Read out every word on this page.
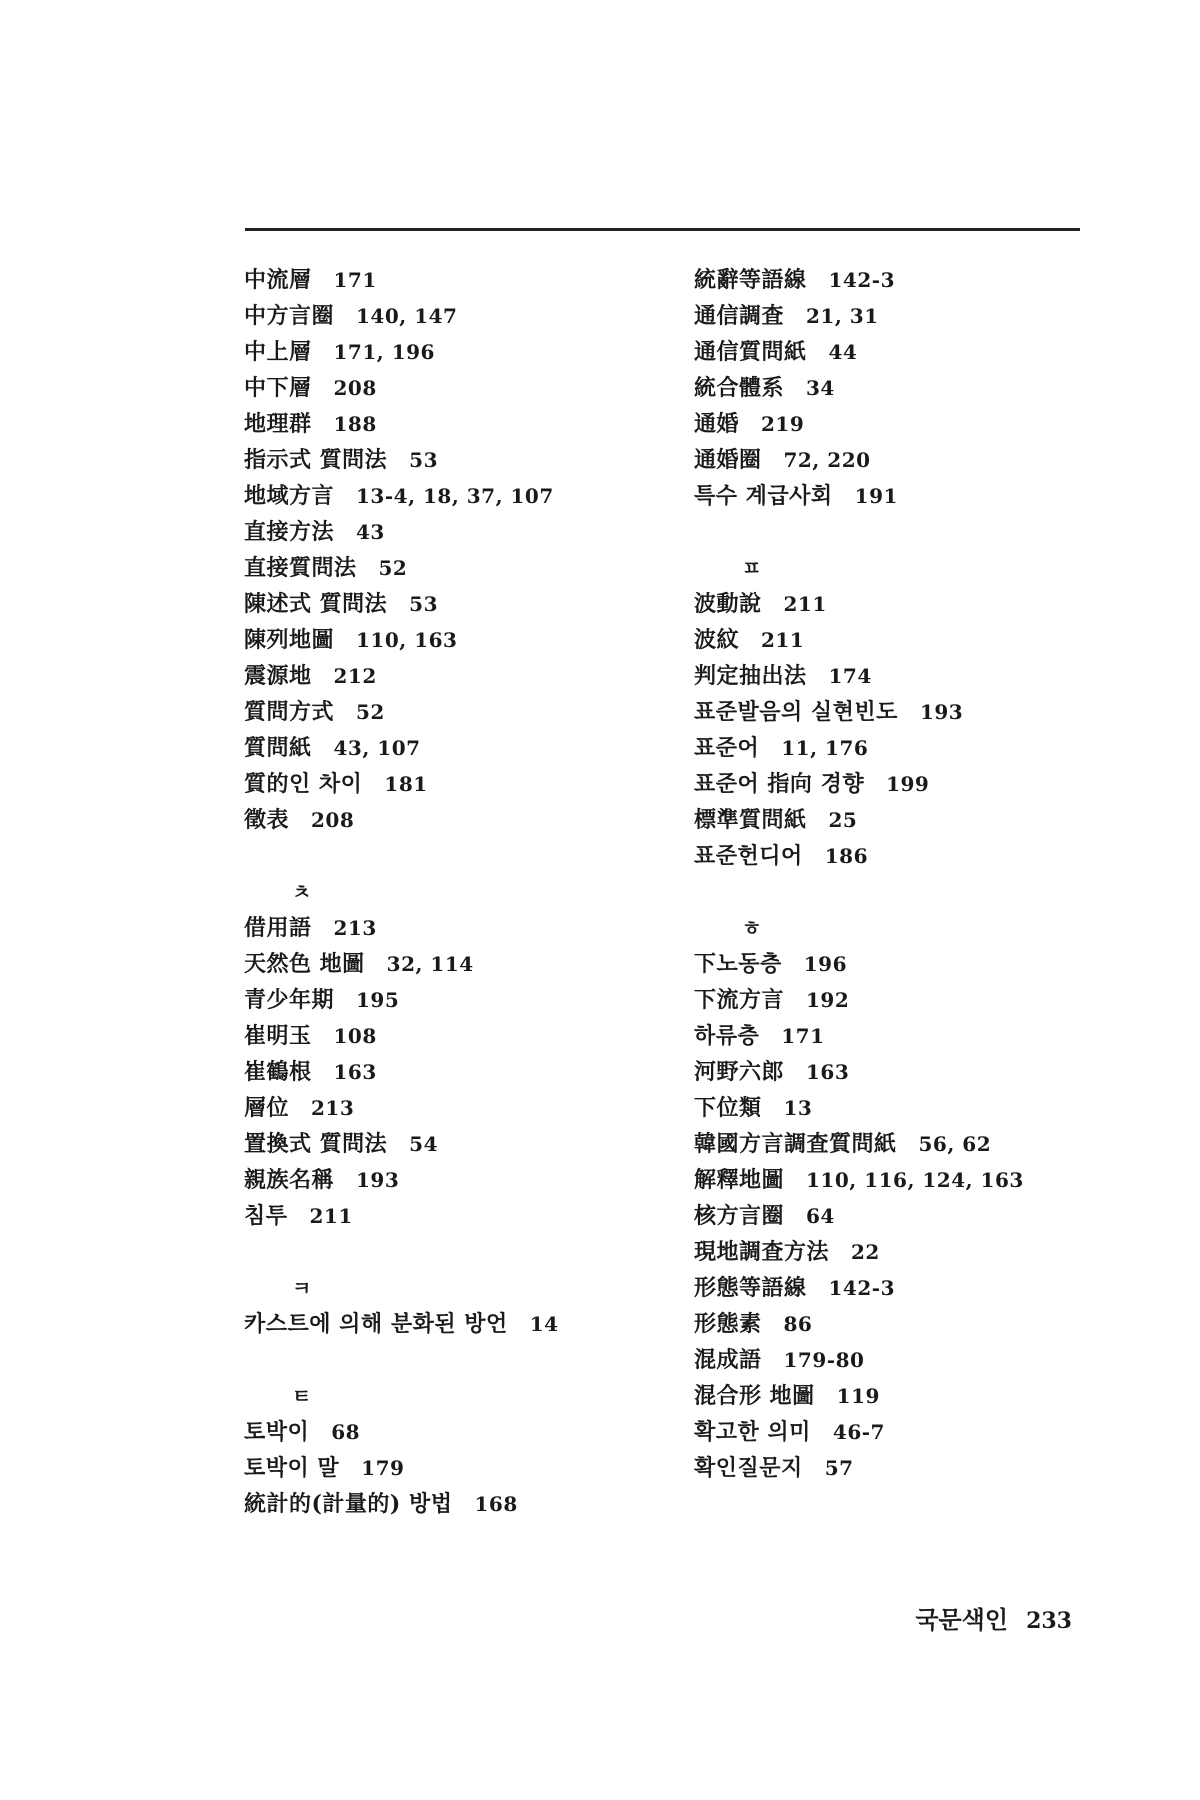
中流層 171
中方言圈 140, 147
中上層 171, 196
中下層 208
地理群 188
指示式 質問法 53
地域方言 13-4, 18, 37, 107
直接方法 43
直接質問法 52
陳述式 質問法 53
陳列地圖 110, 163
震源地 212
質問方式 52
質問紙 43, 107
質的인 차이 181
徵表 208
ㅊ
借用語 213
天然色 地圖 32, 114
青少年期 195
崔明玉 108
崔鶴根 163
層位 213
置換式 質問法 54
親族名稱 193
침투 211
ㅋ
카스트에 의해 분화된 방언 14
ㅌ
토박이 68
토박이 말 179
統計的(計量的) 방법 168
統辭等語線 142-3
通信調査 21, 31
通信質問紙 44
統合體系 34
通婚 219
通婚圈 72, 220
특수 계급사회 191
ㅍ
波動說 211
波紋 211
判定抽出法 174
표준발음의 실현빈도 193
표준어 11, 176
표준어 指向 경향 199
標準質問紙 25
표준헌디어 186
ㅎ
下노동층 196
下流方言 192
하류층 171
河野六郎 163
下位類 13
韓國方言調査質問紙 56, 62
解釋地圖 110, 116, 124, 163
核方言圈 64
現地調査方法 22
形態等語線 142-3
形態素 86
混成語 179-80
混合形 地圖 119
확고한 의미 46-7
확인질문지 57
국문색인 233
